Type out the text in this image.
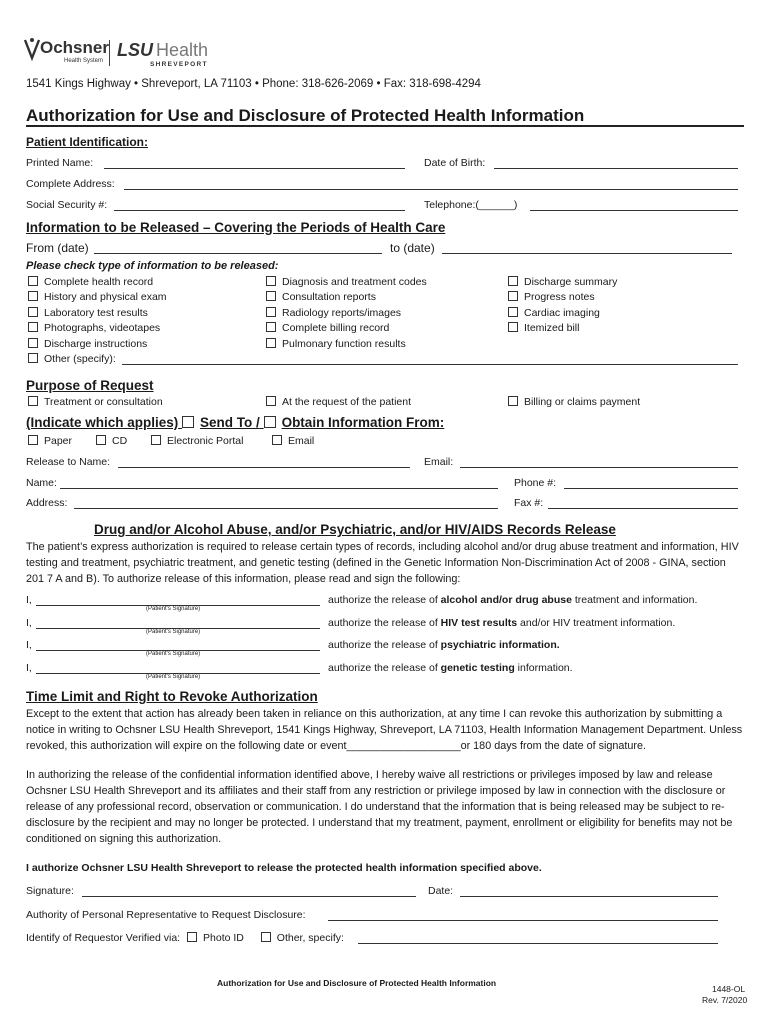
Ochsner
Health System
LSU Health
SHREVEPORT
1541 Kings Highway • Shreveport, LA 71103 • Phone: 318-626-2069 • Fax: 318-698-4294
Authorization for Use and Disclosure of Protected Health Information
Patient Identification:
Printed Name:	Date of Birth:
Complete Address:
Social Security #:	Telephone:(______)
Information to be Released – Covering the Periods of Health Care
From (date)	to (date)
Please check type of information to be released:
Complete health record
History and physical exam
Laboratory test results
Photographs, videotapes
Discharge instructions
Other (specify):
Diagnosis and treatment codes
Consultation reports
Radiology reports/images
Complete billing record
Pulmonary function results
Discharge summary
Progress notes
Cardiac imaging
Itemized bill
Purpose of Request
Treatment or consultation	At the request of the patient	Billing or claims payment
(Indicate which applies) Send To / Obtain Information From:
Paper	CD	Electronic Portal	Email
Release to Name:	Email:
Name:	Phone #:
Address:	Fax #:
Drug and/or Alcohol Abuse, and/or Psychiatric, and/or HIV/AIDS Records Release
The patient’s express authorization is required to release certain types of records, including alcohol and/or drug abuse treatment and information, HIV testing and treatment, psychiatric treatment, and genetic testing (defined in the Genetic Information Non-Discrimination Act of 2008 - GINA, section 201 7 A and B). To authorize release of this information, please read and sign the following:
I,
(Patient's Signature)
authorize the release of alcohol and/or drug abuse treatment and information.
I,
(Patient's Signature)
authorize the release of HIV test results and/or HIV treatment information.
I,
(Patient's Signature)
authorize the release of psychiatric information.
I,
(Patient's Signature)
authorize the release of genetic testing information.
Time Limit and Right to Revoke Authorization
Except to the extent that action has already been taken in reliance on this authorization, at any time I can revoke this authorization by submitting a notice in writing to Ochsner LSU Health Shreveport, 1541 Kings Highway, Shreveport, LA 71103, Health Information Management Department. Unless revoked, this authorization will expire on the following date or event___________________or 180 days from the date of signature.
In authorizing the release of the confidential information identified above, I hereby waive all restrictions or privileges imposed by law and release Ochsner LSU Health Shreveport and its affiliates and their staff from any restriction or privilege imposed by law in connection with the disclosure or release of any professional record, observation or communication. I do understand that the information that is being released may be subject to re-disclosure by the recipient and may no longer be protected. I understand that my treatment, payment, enrollment or eligibility for benefits may not be conditioned on signing this authorization.
I authorize Ochsner LSU Health Shreveport to release the protected health information specified above.
Signature:	Date:
Authority of Personal Representative to Request Disclosure:
Identify of Requestor Verified via: Photo ID	Other, specify:
Authorization for Use and Disclosure of Protected Health Information
1448-OL
Rev. 7/2020
